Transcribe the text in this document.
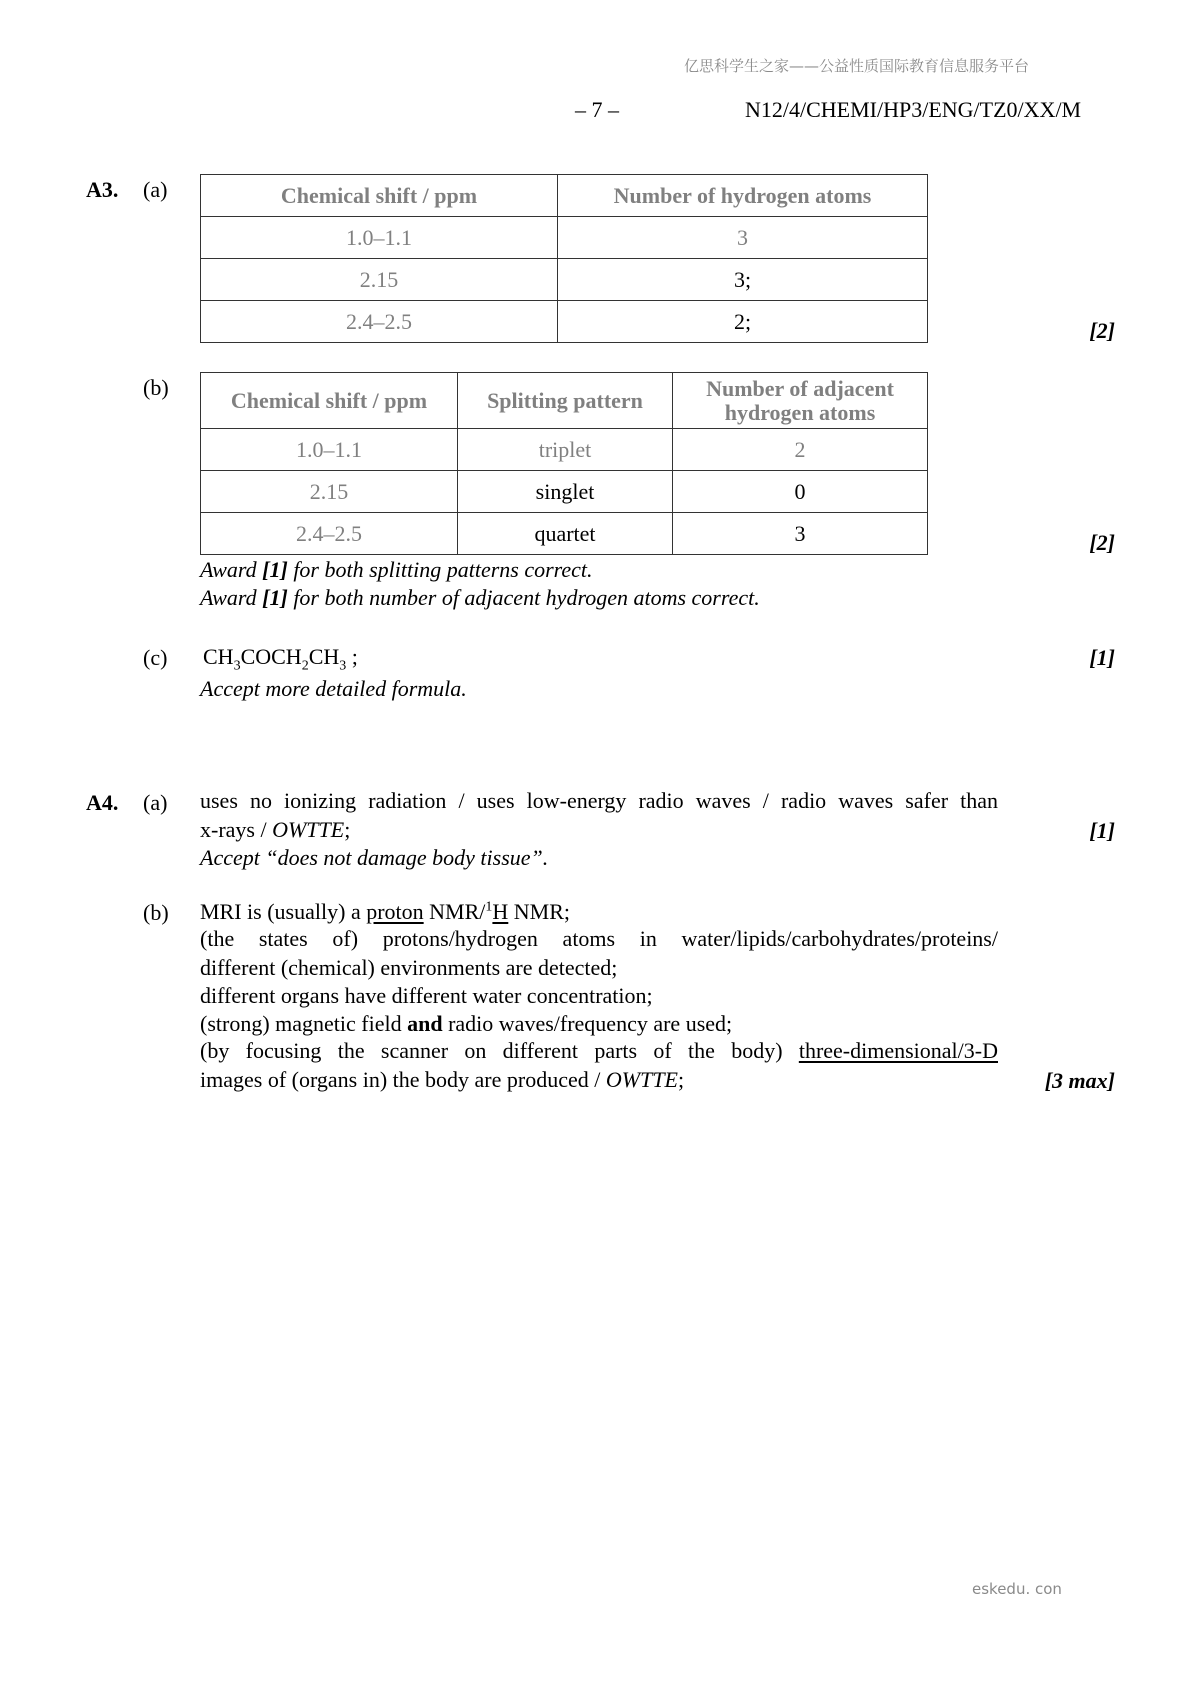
亿思科学生之家——公益性质国际教育信息服务平台
– 7 –	N12/4/CHEMI/HP3/ENG/TZ0/XX/M
A3. (a)	Chemical shift / ppm	Number of hydrogen atoms
1.0–1.1	3
2.15	3;
2.4–2.5	2;	[2]
(b)
Chemical shift / ppm	Splitting pattern	Number of adjacent hydrogen atoms
1.0–1.1	triplet	2
2.15	singlet	0
2.4–2.5	quartet	3	[2]
Award [1] for both splitting patterns correct.
Award [1] for both number of adjacent hydrogen atoms correct.
(c) $CH_3COCH_2CH_3$ ;	[1]
Accept more detailed formula.
A4. (a) uses no ionizing radiation / uses low-energy radio waves / radio waves safer than
x-rays / OWTTE;	[1]
Accept “does not damage body tissue”.
(b) MRI is (usually) a proton NMR/$^1$H NMR;
(the states of) protons/hydrogen atoms in water/lipids/carbohydrates/proteins/
different (chemical) environments are detected;
different organs have different water concentration;
(strong) magnetic field and radio waves/frequency are used;
(by focusing the scanner on different parts of the body) three-dimensional/3-D
images of (organs in) the body are produced / OWTTE;	[3 max]
eskedu. con
